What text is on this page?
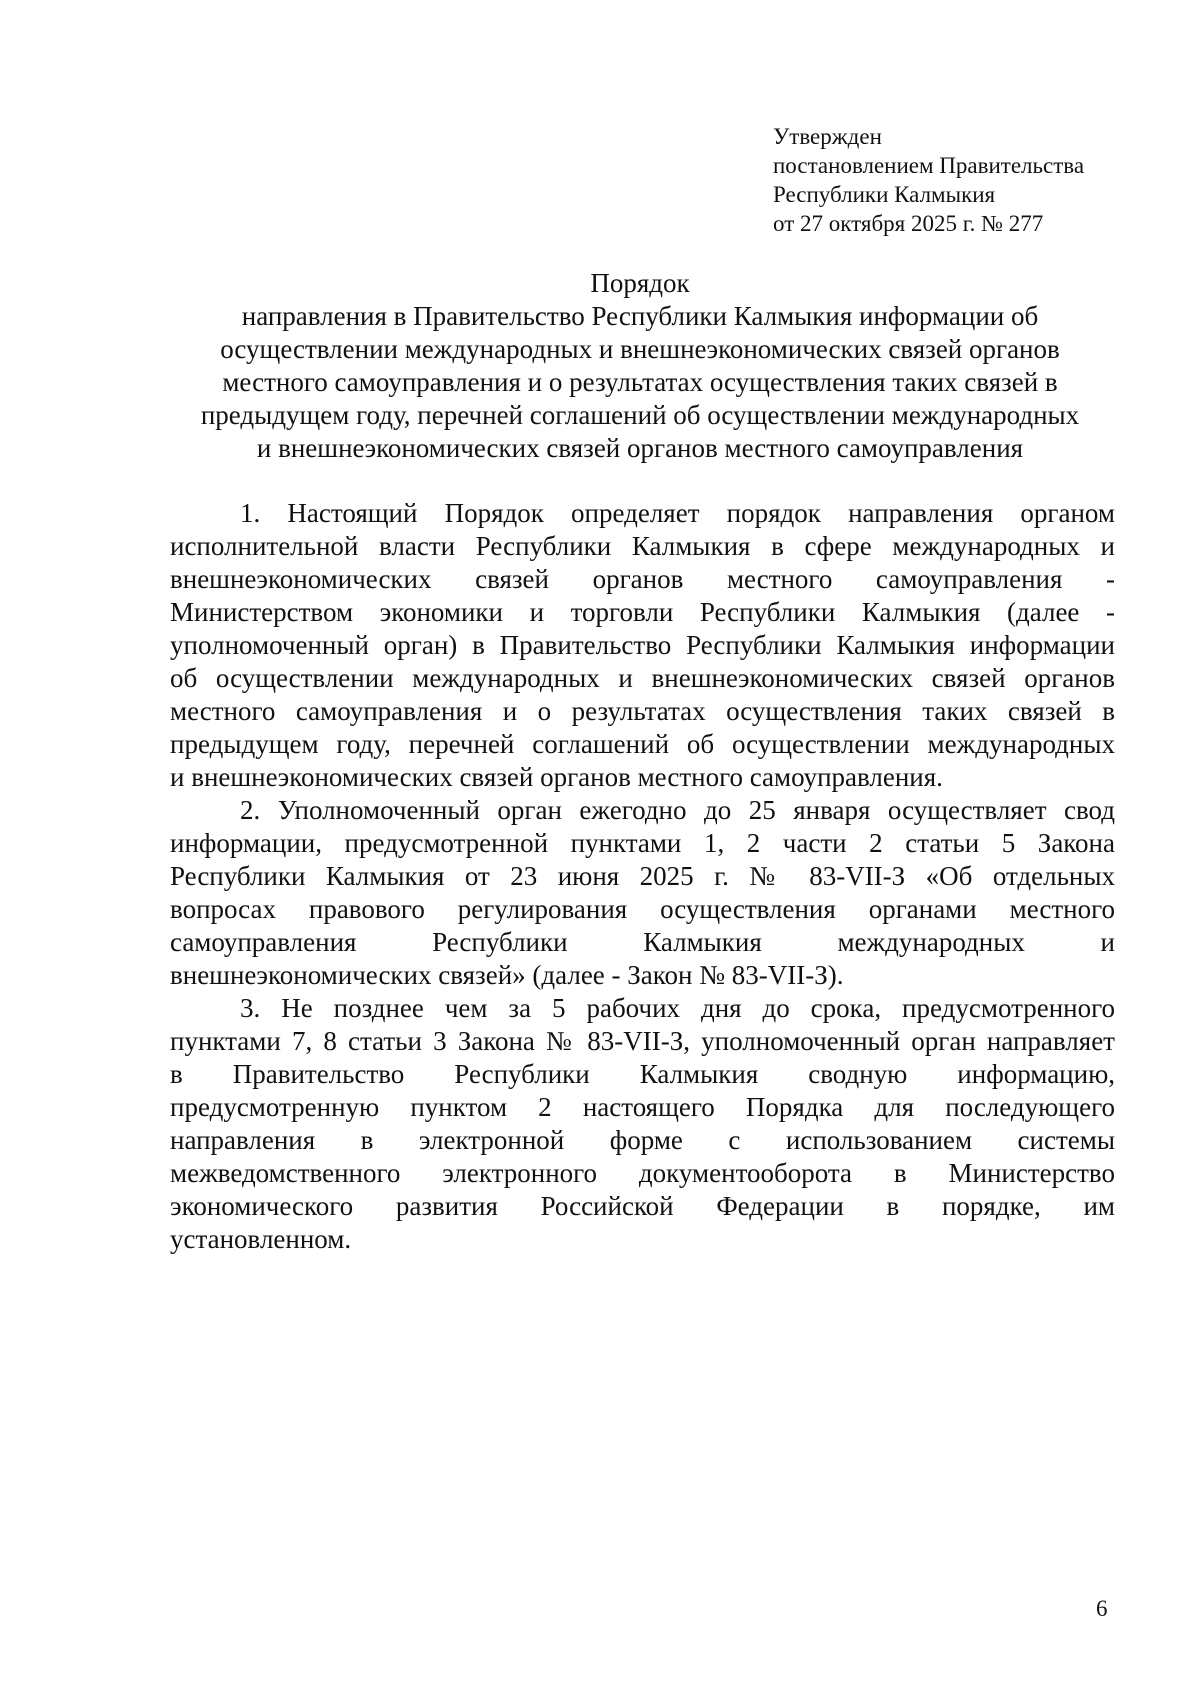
Утвержден
постановлением Правительства
Республики Калмыкия
от 27 октября 2025 г. № 277
Порядок
направления в Правительство Республики Калмыкия информации об
осуществлении международных и внешнеэкономических связей органов
местного самоуправления и о результатах осуществления таких связей в
предыдущем году, перечней соглашений об осуществлении международных
и внешнеэкономических связей органов местного самоуправления
1. Настоящий Порядок определяет порядок направления органом
исполнительной власти Республики Калмыкия в сфере международных и
внешнеэкономических связей органов местного самоуправления -
Министерством экономики и торговли Республики Калмыкия (далее -
уполномоченный орган) в Правительство Республики Калмыкия информации
об осуществлении международных и внешнеэкономических связей органов
местного самоуправления и о результатах осуществления таких связей в
предыдущем году, перечней соглашений об осуществлении международных
и внешнеэкономических связей органов местного самоуправления.
2. Уполномоченный орган ежегодно до 25 января осуществляет свод
информации, предусмотренной пунктами 1, 2 части 2 статьи 5 Закона
Республики Калмыкия от 23 июня 2025 г. № 83-VII-З «Об отдельных
вопросах правового регулирования осуществления органами местного
самоуправления Республики Калмыкия международных и
внешнеэкономических связей» (далее - Закон № 83-VII-З).
3. Не позднее чем за 5 рабочих дня до срока, предусмотренного
пунктами 7, 8 статьи 3 Закона № 83-VII-З, уполномоченный орган направляет
в Правительство Республики Калмыкия сводную информацию,
предусмотренную пунктом 2 настоящего Порядка для последующего
направления в электронной форме с использованием системы
межведомственного электронного документооборота в Министерство
экономического развития Российской Федерации в порядке, им
установленном.
6
